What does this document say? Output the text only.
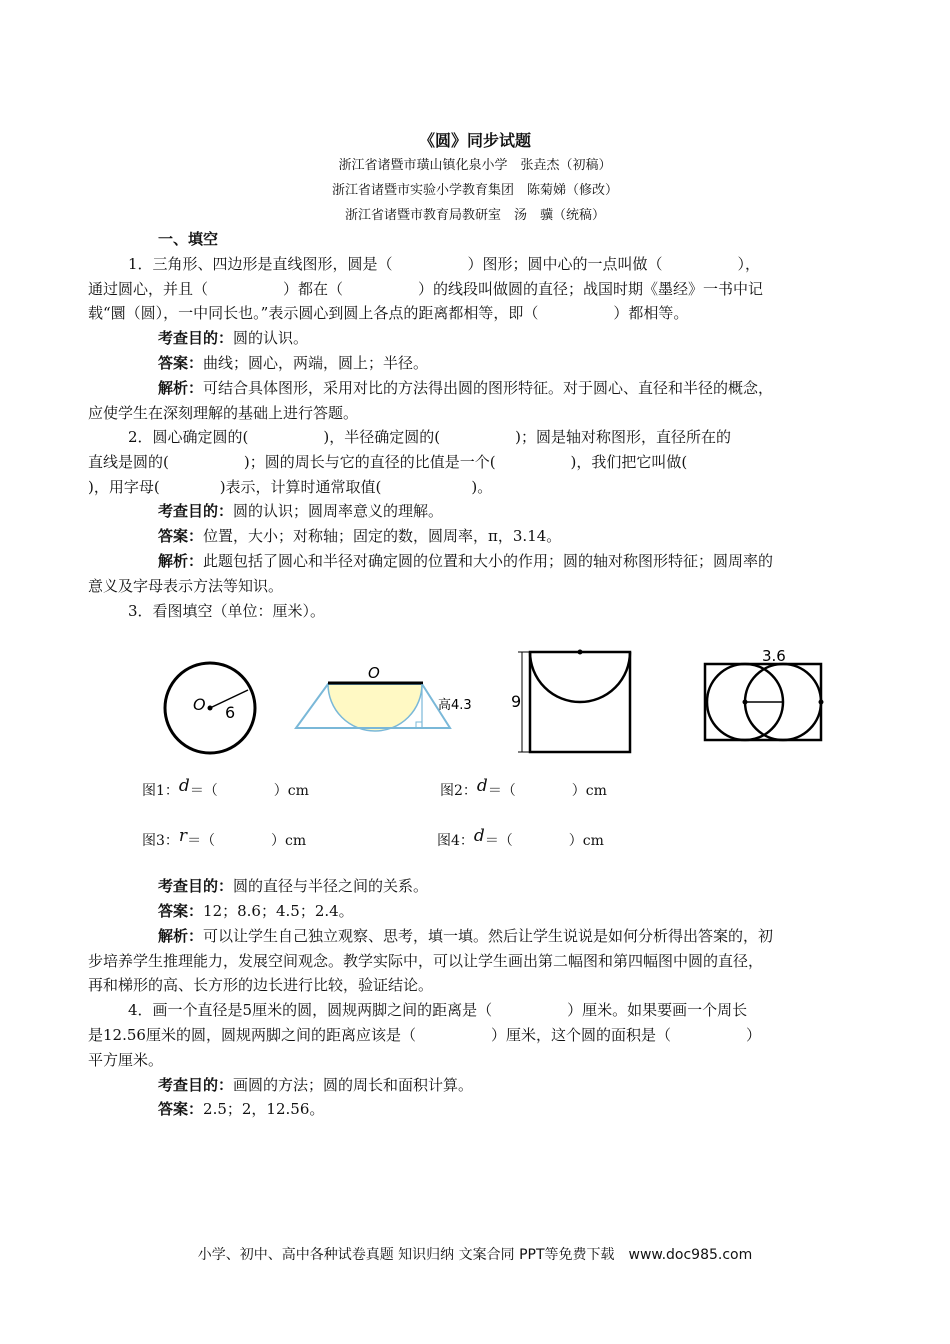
《圆》同步试题
浙江省诸暨市璜山镇化泉小学　张垚杰（初稿）
浙江省诸暨市实验小学教育集团　陈菊娣（修改）
浙江省诸暨市教育局教研室　汤　骥（统稿）
一、填空
1．三角形、四边形是直线图形，圆是（　　　　　）图形；圆中心的一点叫做（　　　　　），
通过圆心，并且（　　　　　）都在（　　　　　）的线段叫做圆的直径；战国时期《墨经》一书中记
载“圜（圆），一中同长也。”表示圆心到圆上各点的距离都相等，即（　　　　　）都相等。
考查目的：圆的认识。
答案：曲线；圆心，两端，圆上；半径。
解析：可结合具体图形，采用对比的方法得出圆的图形特征。对于圆心、直径和半径的概念，
应使学生在深刻理解的基础上进行答题。
2．圆心确定圆的(　　　　　)，半径确定圆的(　　　　　)；圆是轴对称图形，直径所在的
直线是圆的(　　　　　)；圆的周长与它的直径的比值是一个(　　　　　)，我们把它叫做(　　
)，用字母(　　　　)表示，计算时通常取值(　　　　　　)。
考查目的：圆的认识；圆周率意义的理解。
答案：位置，大小；对称轴；固定的数，圆周率，π，3.14。
解析：此题包括了圆心和半径对确定圆的位置和大小的作用；圆的轴对称图形特征；圆周率的
意义及字母表示方法等知识。
3．看图填空（单位：厘米）。
O 6
O
高4.3 9
3.6
图1：d＝（　　　　）cm	图2：d＝（　　　　）cm
图3：r＝（　　　　）cm	图4：d＝（　　　　）cm
考查目的：圆的直径与半径之间的关系。
答案：12；8.6；4.5；2.4。
解析：可以让学生自己独立观察、思考，填一填。然后让学生说说是如何分析得出答案的，初
步培养学生推理能力，发展空间观念。教学实际中，可以让学生画出第二幅图和第四幅图中圆的直径，
再和梯形的高、长方形的边长进行比较，验证结论。
4．画一个直径是5厘米的圆，圆规两脚之间的距离是（　　　　　）厘米。如果要画一个周长
是12.56厘米的圆，圆规两脚之间的距离应该是（　　　　　）厘米，这个圆的面积是（　　　　　）
平方厘米。
考查目的：画圆的方法；圆的周长和面积计算。
答案：2.5；2，12.56。
小学、初中、高中各种试卷真题 知识归纳 文案合同 PPT等免费下载　www.doc985.com
